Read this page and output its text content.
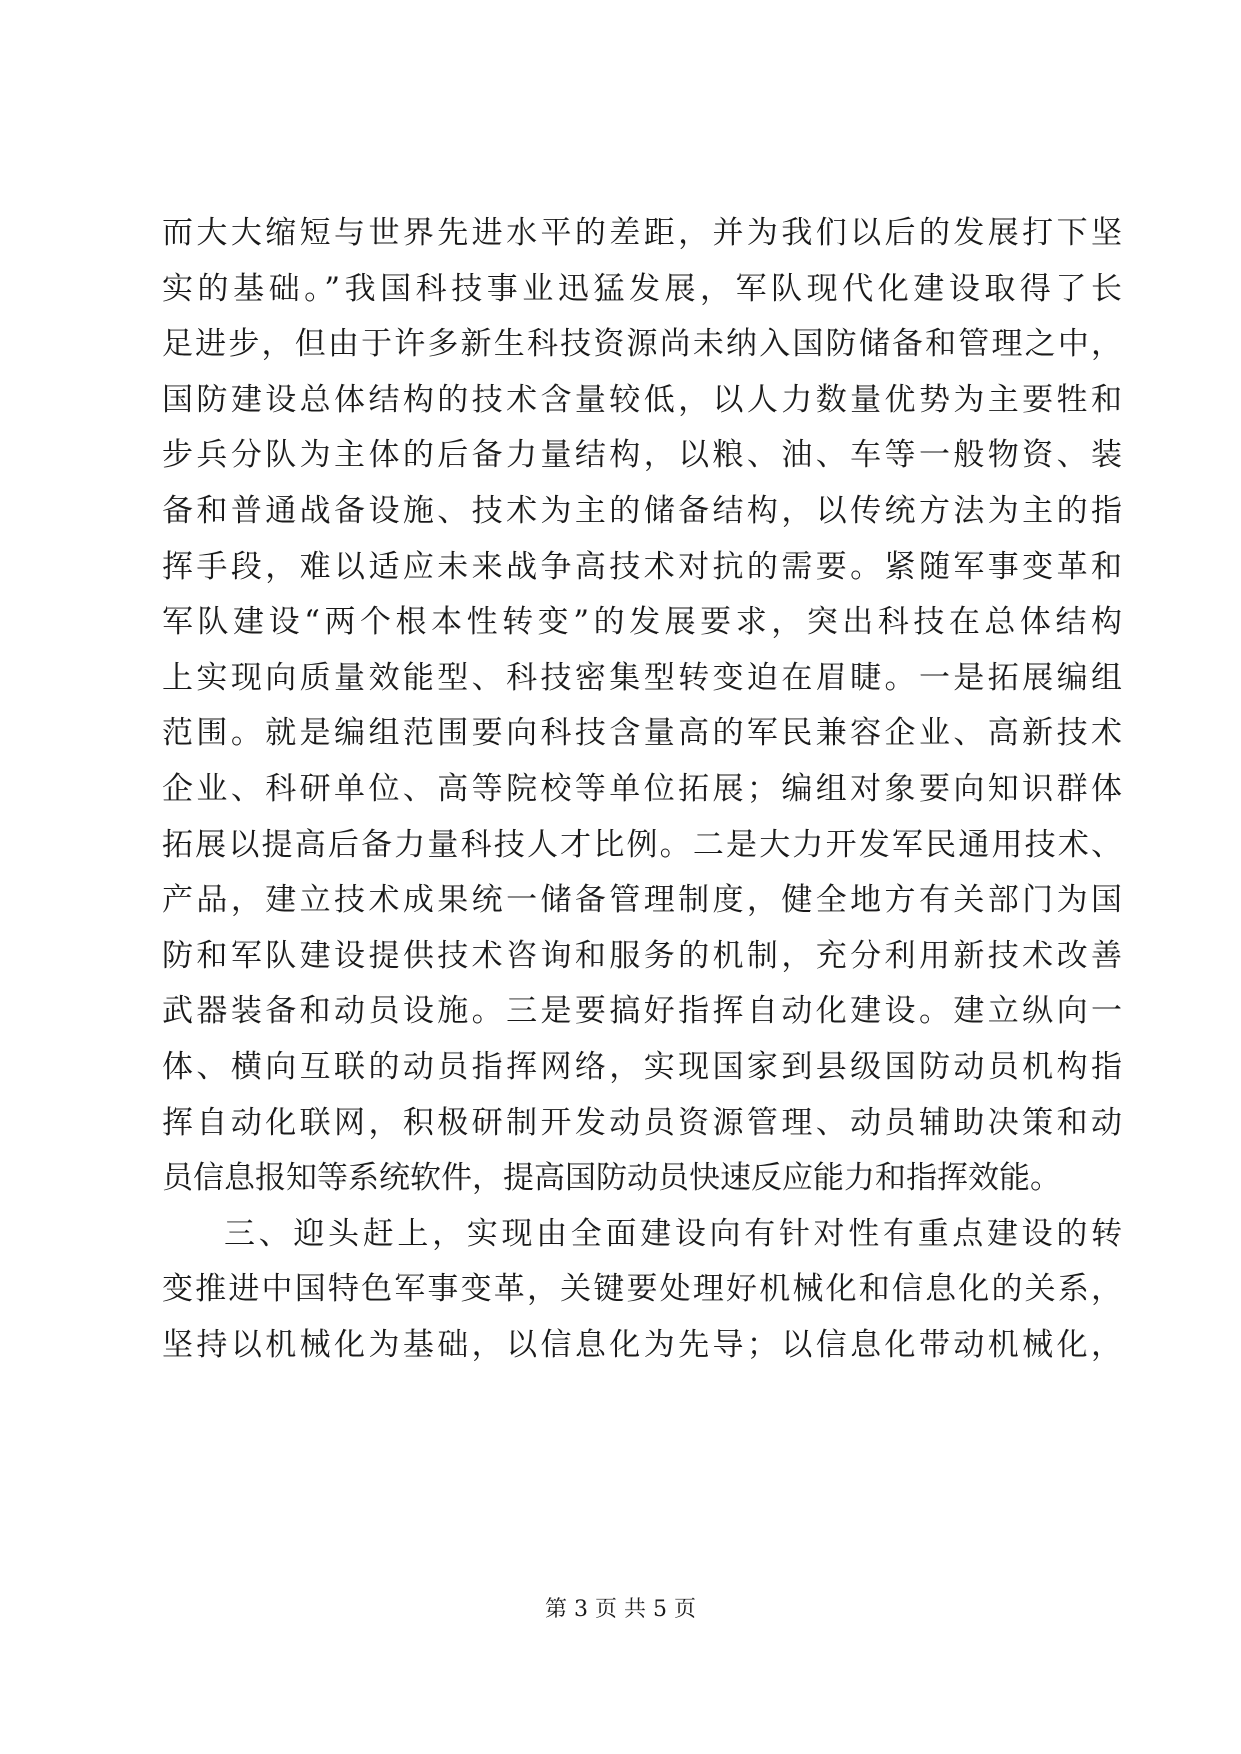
而大大缩短与世界先进水平的差距，并为我们以后的发展打下坚
实的基础。”我国科技事业迅猛发展，军队现代化建设取得了长
足进步，但由于许多新生科技资源尚未纳入国防储备和管理之中，
国防建设总体结构的技术含量较低，以人力数量优势为主要牲和
步兵分队为主体的后备力量结构，以粮、油、车等一般物资、装
备和普通战备设施、技术为主的储备结构，以传统方法为主的指
挥手段，难以适应未来战争高技术对抗的需要。紧随军事变革和
军队建设“两个根本性转变”的发展要求，突出科技在总体结构
上实现向质量效能型、科技密集型转变迫在眉睫。一是拓展编组
范围。就是编组范围要向科技含量高的军民兼容企业、高新技术
企业、科研单位、高等院校等单位拓展；编组对象要向知识群体
拓展以提高后备力量科技人才比例。二是大力开发军民通用技术、
产品，建立技术成果统一储备管理制度，健全地方有关部门为国
防和军队建设提供技术咨询和服务的机制，充分利用新技术改善
武器装备和动员设施。三是要搞好指挥自动化建设。建立纵向一
体、横向互联的动员指挥网络，实现国家到县级国防动员机构指
挥自动化联网，积极研制开发动员资源管理、动员辅助决策和动
员信息报知等系统软件，提高国防动员快速反应能力和指挥效能。
三、迎头赶上，实现由全面建设向有针对性有重点建设的转
变推进中国特色军事变革，关键要处理好机械化和信息化的关系，
坚持以机械化为基础，以信息化为先导；以信息化带动机械化，
第 3 页 共 5 页
